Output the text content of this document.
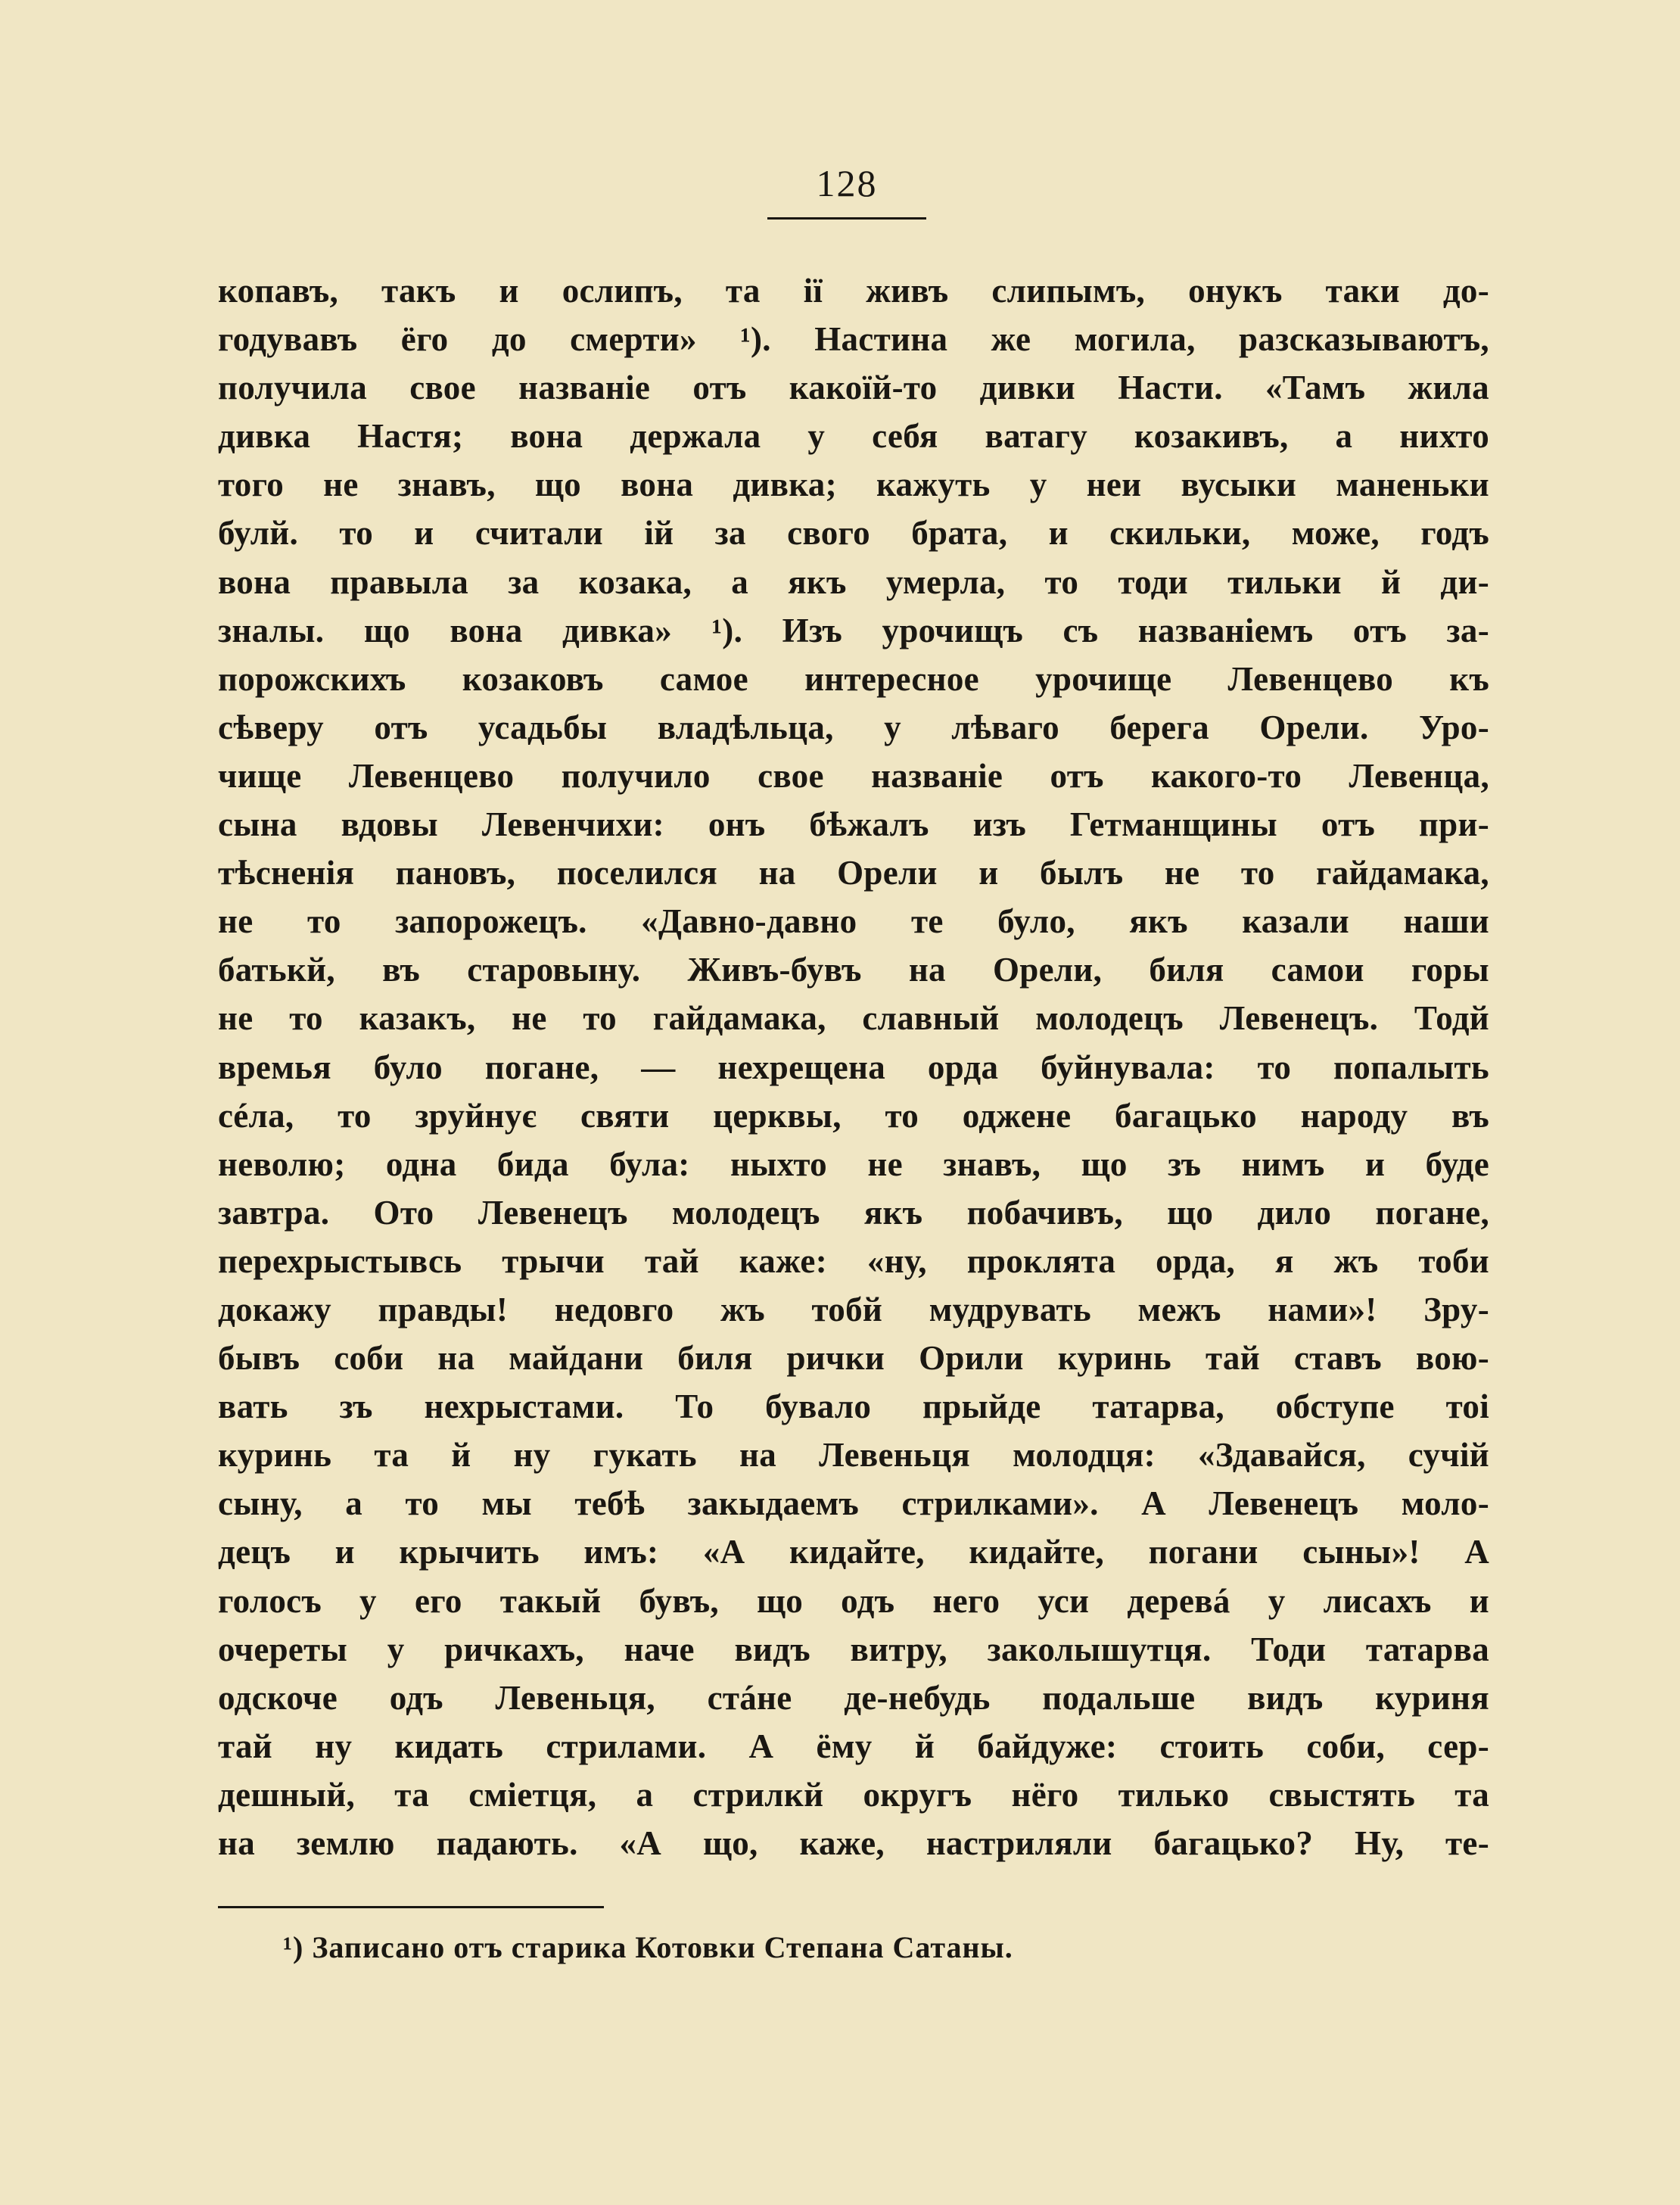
128
копавъ, такъ и ослипъ, та ії живъ слипымъ, онукъ таки до-
годувавъ ёго до смерти» ¹). Настина же могила, разсказываютъ,
получила свое названіе отъ какоїй-то дивки Насти. «Тамъ жила
дивка Настя; вона держала у себя ватагу козакивъ, а нихто
того не знавъ, що вона дивка; кажуть у неи вусыки маненьки
булй. то и считали ій за свого брата, и скильки, може, годъ
вона правыла за козака, а якъ умерла, то тоди тильки й ди-
зналы. що вона дивка» ¹). Изъ урочищъ съ названіемъ отъ за-
порожскихъ козаковъ самое интересное урочище Левенцево къ
сѣверу отъ усадьбы владѣльца, у лѣваго берега Орели. Уро-
чище Левенцево получило свое названіе отъ какого-то Левенца,
сына вдовы Левенчихи: онъ бѣжалъ изъ Гетманщины отъ при-
тѣсненія пановъ, поселился на Орели и былъ не то гайдамака,
не то запорожецъ. «Давно-давно те було, якъ казали наши
батькй, въ старовыну. Живъ-бувъ на Орели, биля самои горы
не то казакъ, не то гайдамака, славный молодецъ Левенецъ. Тодй
времья було поганe, — нехрещена орда буйнувала: то попалыть
сéла, то зруйнує святи церквы, то оджене багацько народу въ
неволю; одна бида була: ныхто не знавъ, що зъ нимъ и буде
завтра. Ото Левенецъ молодецъ якъ побачивъ, що дило поганe,
перехрыстывсь трычи тай каже: «ну, проклята орда, я жъ тоби
докажу правды! недовго жъ тобй мудрувать межъ нами»! Зру-
бывъ соби на майдани биля рички Орили куринь тай ставъ вою-
вать зъ нехрыстами. То бувало прыйде татарва, обступе тоі
куринь та й ну гукать на Левеньця молодця: «Здавайся, сучій
сыну, а то мы тебѣ закыдаемъ стрилками». А Левенецъ моло-
децъ и крычить имъ: «А кидайте, кидайте, погани сыны»! А
голосъ у его такый бувъ, що одъ него уси деревá у лисахъ и
очереты у ричкахъ, наче видъ витру, заколышутця. Тоди татарва
одскоче одъ Левеньця, стáне де-небудь подальше видъ куриня
тай ну кидать стрилами. А ёму й байдуже: стоить соби, сер-
дешный, та сміетця, а стрилкй округъ нёго тилько свыстять та
на землю падають. «А що, каже, настриляли багацько? Ну, те-
¹) Записано отъ старика Котовки Степана Сатаны.
